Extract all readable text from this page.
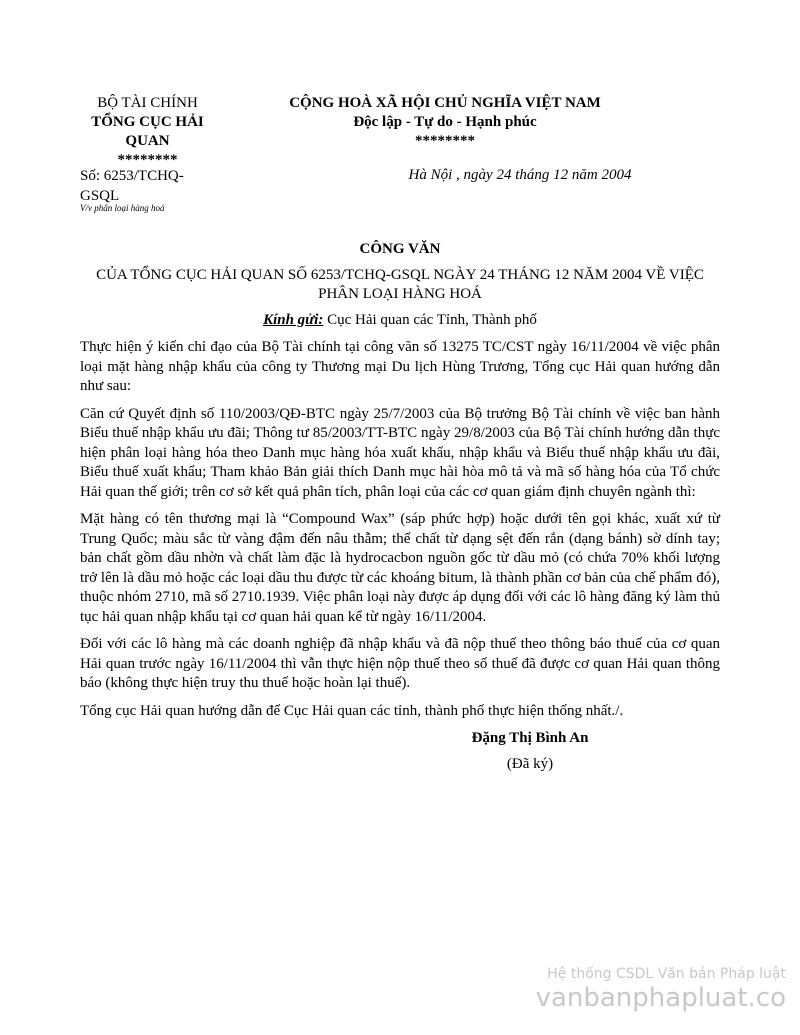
BỘ TÀI CHÍNH
TỔNG CỤC HẢI QUAN
********
CỘNG HOÀ XÃ HỘI CHỦ NGHĨA VIỆT NAM
Độc lập - Tự do - Hạnh phúc
********
Số: 6253/TCHQ-GSQL
V/v phân loại hàng hoá
Hà Nội , ngày 24 tháng 12 năm 2004
CÔNG VĂN
CỦA TỔNG CỤC HẢI QUAN SỐ 6253/TCHQ-GSQL NGÀY 24 THÁNG 12 NĂM 2004 VỀ VIỆC PHÂN LOẠI HÀNG HOÁ
Kính gửi: Cục Hải quan các Tỉnh, Thành phố

Thực hiện ý kiến chỉ đạo của Bộ Tài chính tại công văn số 13275 TC/CST ngày 16/11/2004 về việc phân loại mặt hàng nhập khẩu của công ty Thương mại Du lịch Hùng Trương, Tổng cục Hải quan hướng dẫn như sau:

Căn cứ Quyết định số 110/2003/QĐ-BTC ngày 25/7/2003 của Bộ trưởng Bộ Tài chính về việc ban hành Biểu thuế nhập khẩu ưu đãi; Thông tư 85/2003/TT-BTC ngày 29/8/2003 của Bộ Tài chính hướng dẫn thực hiện phân loại hàng hóa theo Danh mục hàng hóa xuất khẩu, nhập khẩu và Biểu thuế nhập khẩu ưu đãi, Biểu thuế xuất khẩu; Tham khảo Bản giải thích Danh mục hài hòa mô tả và mã số hàng hóa của Tổ chức Hải quan thế giới; trên cơ sở kết quả phân tích, phân loại của các cơ quan giám định chuyên ngành thì:

Mặt hàng có tên thương mại là “Compound Wax” (sáp phức hợp) hoặc dưới tên gọi khác, xuất xứ từ Trung Quốc; màu sắc từ vàng đậm đến nâu thẫm; thể chất từ dạng sệt đến rắn (dạng bánh) sờ dính tay; bản chất gồm dầu nhờn và chất làm đặc là hydrocacbon nguồn gốc từ dầu mỏ (có chứa 70% khối lượng trở lên là dầu mỏ hoặc các loại dầu thu được từ các khoáng bitum, là thành phần cơ bản của chế phẩm đó), thuộc nhóm 2710, mã số 2710.1939. Việc phân loại này được áp dụng đối với các lô hàng đăng ký làm thủ tục hải quan nhập khẩu tại cơ quan hải quan kể từ ngày 16/11/2004.

Đối với các lô hàng mà các doanh nghiệp đã nhập khẩu và đã nộp thuế theo thông báo thuế của cơ quan Hải quan trước ngày 16/11/2004 thì vẫn thực hiện nộp thuế theo số thuế đã được cơ quan Hải quan thông báo (không thực hiện truy thu thuế hoặc hoàn lại thuế).

Tổng cục Hải quan hướng dẫn để Cục Hải quan các tỉnh, thành phố thực hiện thống nhất./.

Đặng Thị Bình An
(Đã ký)
Hệ thống CSDL Văn bản Pháp luật
vanbanphapluat.co
